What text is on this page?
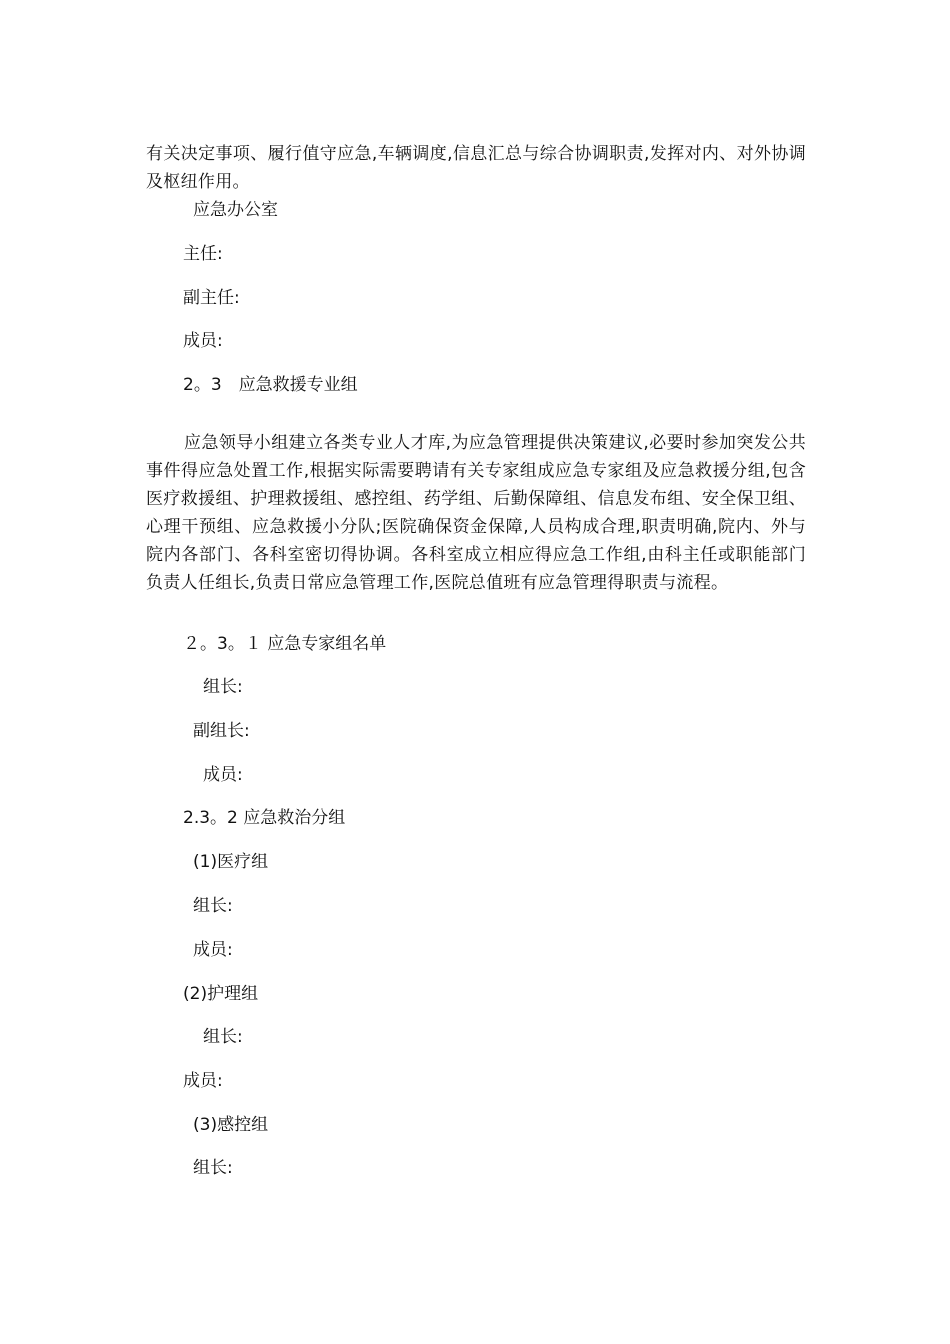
有关决定事项、履行值守应急,车辆调度,信息汇总与综合协调职责,发挥对内、对外协调及枢纽作用。

应急办公室
主任:
副主任:
成员:
2。3　应急救援专业组

应急领导小组建立各类专业人才库,为应急管理提供决策建议,必要时参加突发公共事件得应急处置工作,根据实际需要聘请有关专家组成应急专家组及应急救援分组,包含医疗救援组、护理救援组、感控组、药学组、后勤保障组、信息发布组、安全保卫组、心理干预组、应急救援小分队;医院确保资金保障,人员构成合理,职责明确,院内、外与院内各部门、各科室密切得协调。各科室成立相应得应急工作组,由科主任或职能部门负责人任组长,负责日常应急管理工作,医院总值班有应急管理得职责与流程。

２。3。１ 应急专家组名单
组长:
副组长:
成员:
2.3。2 应急救治分组
(1)医疗组
组长:
成员:
(2)护理组
组长:
成员:
(3)感控组
组长:
